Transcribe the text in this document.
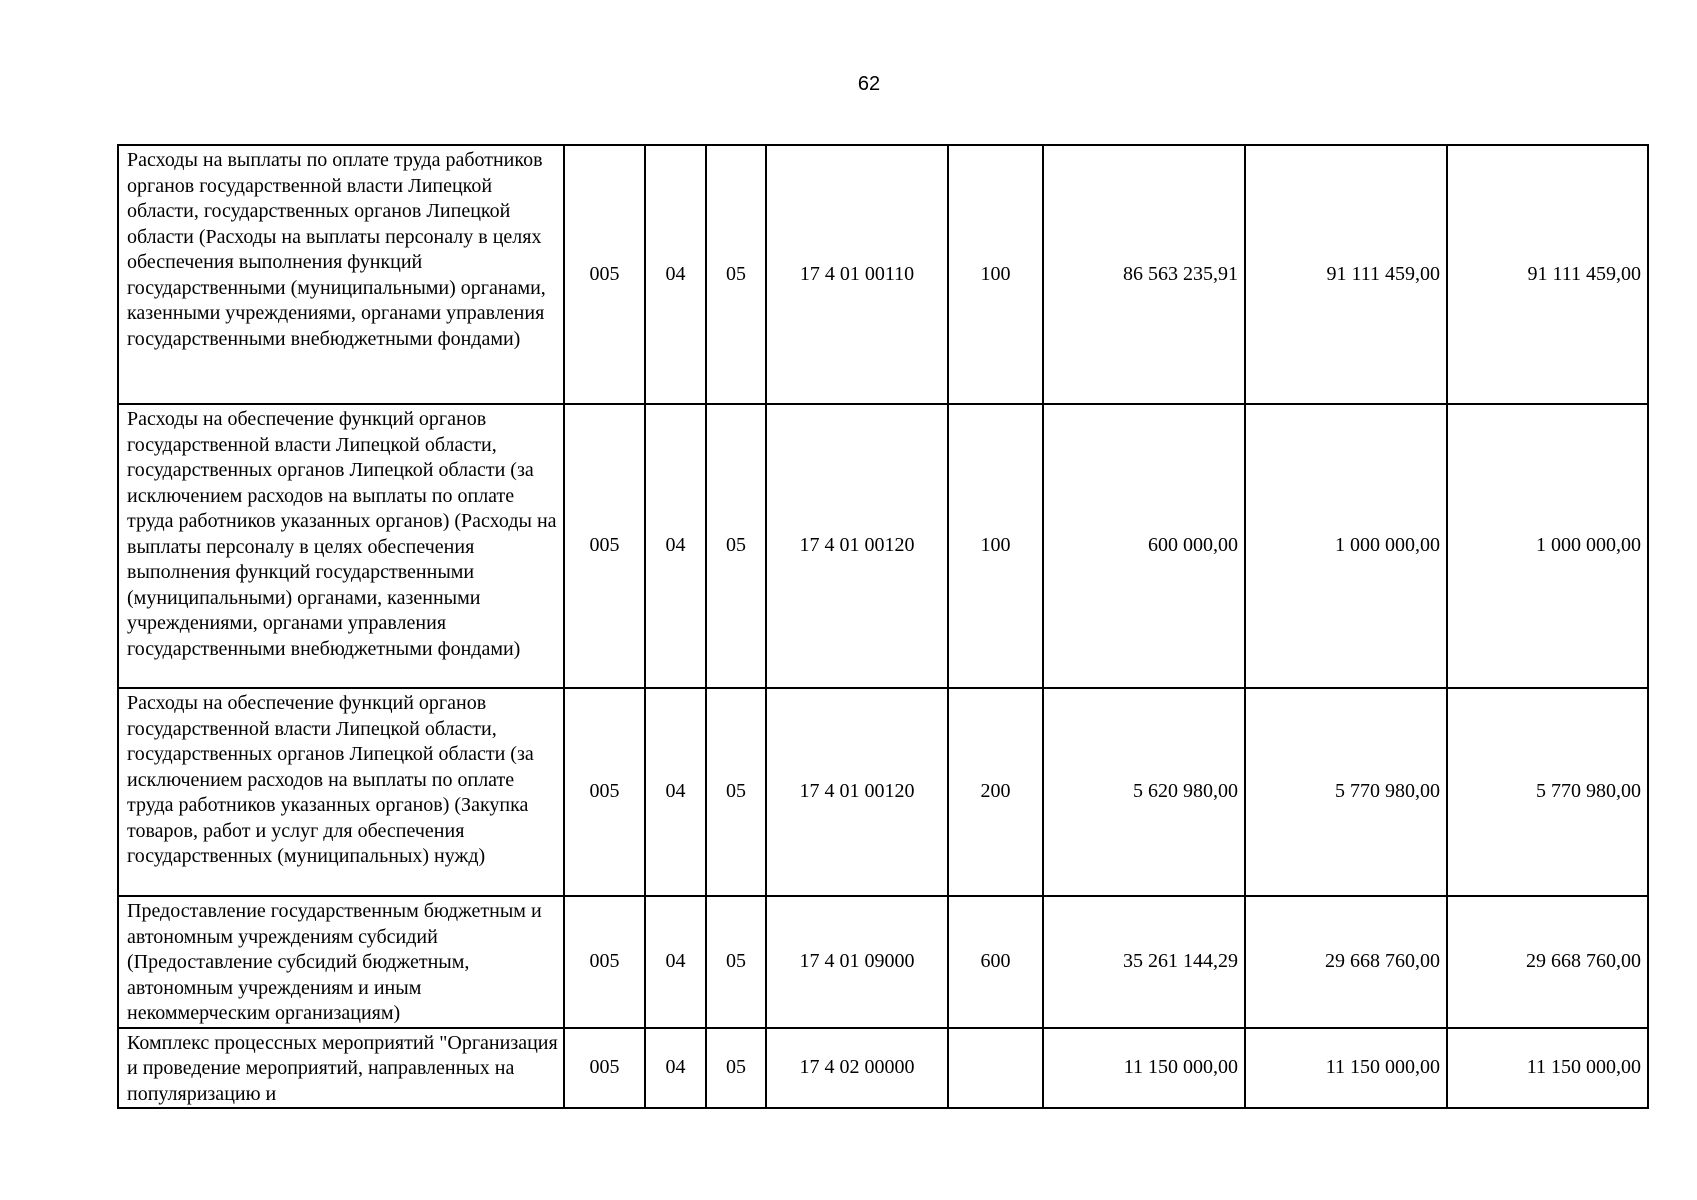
62
Расходы на выплаты по оплате труда работников органов государственной власти Липецкой области, государственных органов Липецкой области (Расходы на выплаты персоналу в целях обеспечения выполнения функций государственными (муниципальными) органами, казенными учреждениями, органами управления государственными внебюджетными фондами)	005	04	05	17 4 01 00110	100	86 563 235,91	91 111 459,00	91 111 459,00
Расходы на обеспечение функций органов государственной власти Липецкой области, государственных органов Липецкой области (за исключением расходов на выплаты по оплате труда работников указанных органов) (Расходы на выплаты персоналу в целях обеспечения выполнения функций государственными (муниципальными) органами, казенными учреждениями, органами управления государственными внебюджетными фондами)	005	04	05	17 4 01 00120	100	600 000,00	1 000 000,00	1 000 000,00
Расходы на обеспечение функций органов государственной власти Липецкой области, государственных органов Липецкой области (за исключением расходов на выплаты по оплате труда работников указанных органов) (Закупка товаров, работ и услуг для обеспечения государственных (муниципальных) нужд)	005	04	05	17 4 01 00120	200	5 620 980,00	5 770 980,00	5 770 980,00
Предоставление государственным бюджетным и автономным учреждениям субсидий (Предоставление субсидий бюджетным, автономным учреждениям и иным некоммерческим организациям)	005	04	05	17 4 01 09000	600	35 261 144,29	29 668 760,00	29 668 760,00
Комплекс процессных мероприятий "Организация и проведение мероприятий, направленных на популяризацию и	005	04	05	17 4 02 00000		11 150 000,00	11 150 000,00	11 150 000,00
